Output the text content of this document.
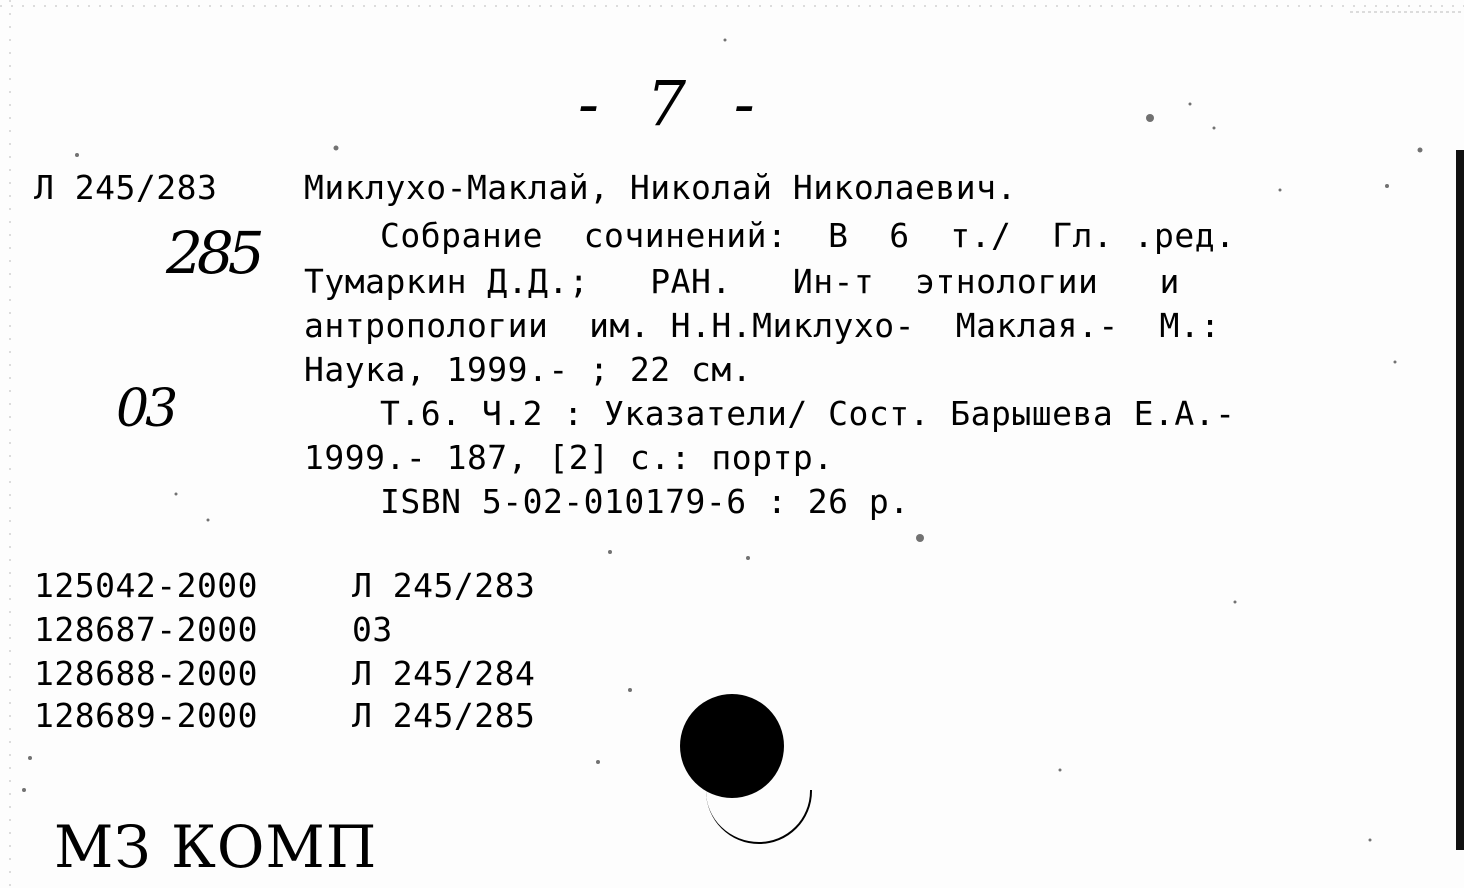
- 7 -
Л 245/283
285
03
МЗ КОМП
Миклухо-Маклай, Николай Николаевич.
Собрание  сочинений:  В  6  т./  Гл. .ред.
Тумаркин Д.Д.;   РАН.   Ин-т  этнологии   и
антропологии  им. Н.Н.Миклухо-  Маклая.-  М.:
Наука, 1999.- ; 22 см.
Т.6. Ч.2 : Указатели/ Сост. Барышева Е.А.-
1999.- 187, [2] с.: портр.
ISBN 5-02-010179-6 : 26 р.
125042-2000	Л 245/283
128687-2000	03
128688-2000	Л 245/284
128689-2000	Л 245/285
